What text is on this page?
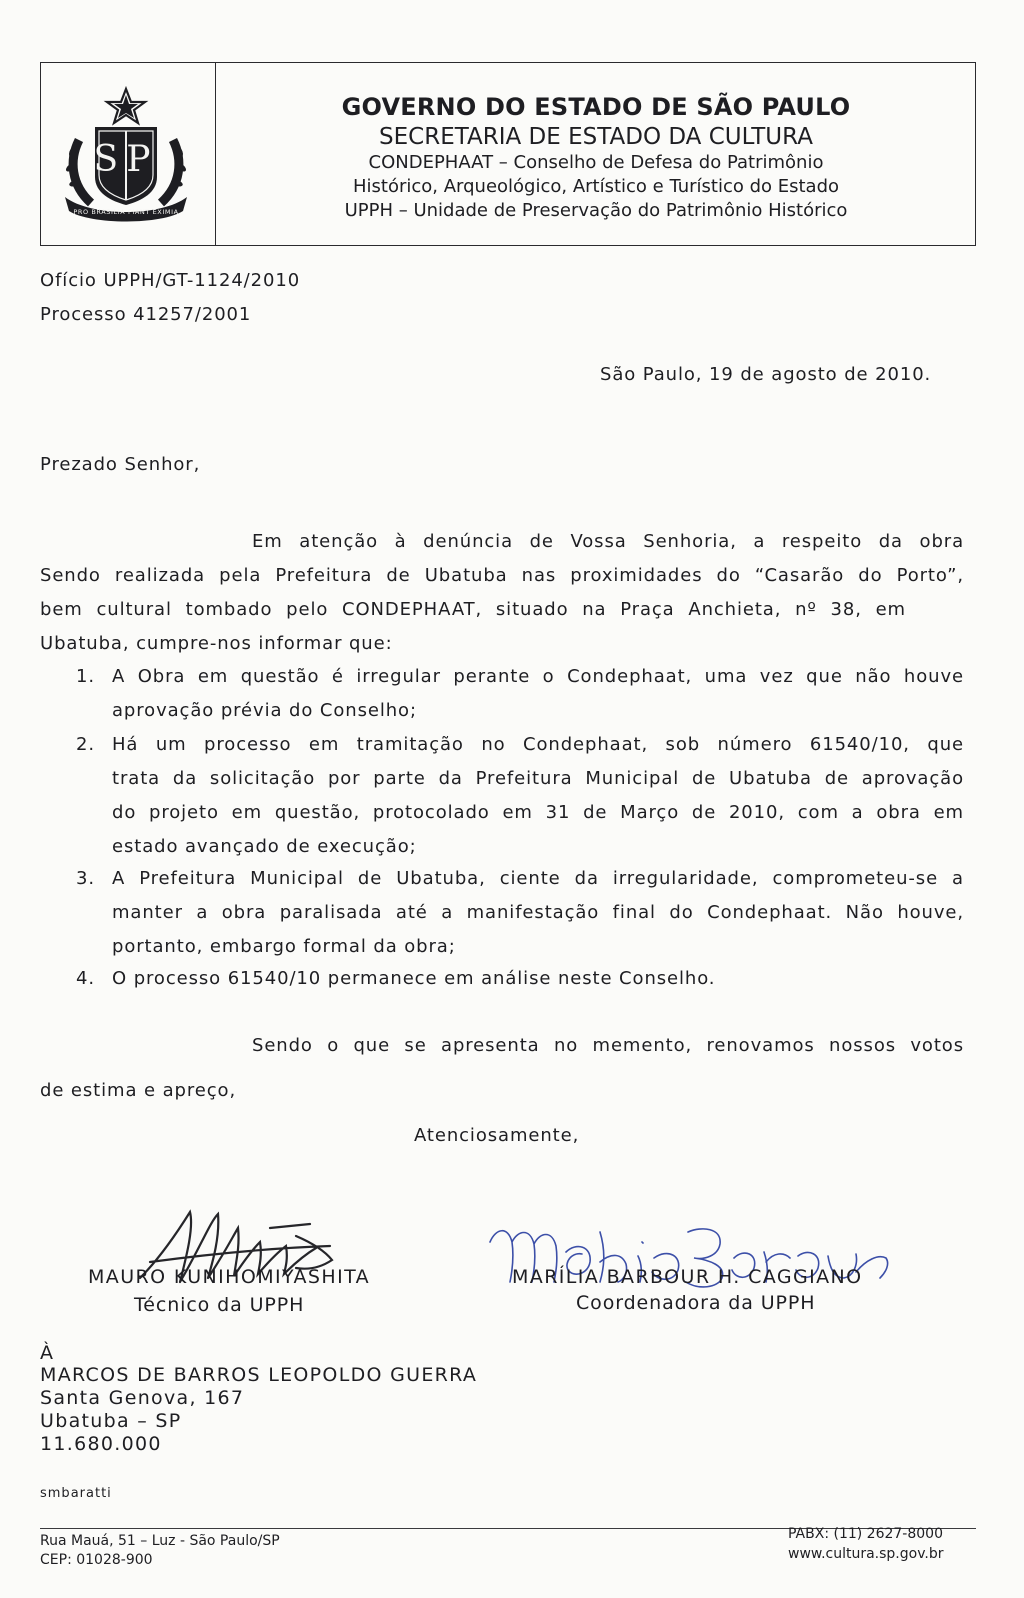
SP
PRO BRASILIA FIANT EXIMIA
GOVERNO DO ESTADO DE SÃO PAULO
SECRETARIA DE ESTADO DA CULTURA
CONDEPHAAT – Conselho de Defesa do Patrimônio
Histórico, Arqueológico, Artístico e Turístico do Estado
UPPH – Unidade de Preservação do Patrimônio Histórico
Ofício UPPH/GT-1124/2010
Processo 41257/2001
São Paulo, 19 de agosto de 2010.
Prezado Senhor,
Em atenção à denúncia de Vossa Senhoria, a respeito da obra
Sendo realizada pela Prefeitura de Ubatuba nas proximidades do “Casarão do Porto”,
bem cultural tombado pelo CONDEPHAAT, situado na Praça Anchieta, nº 38, em
Ubatuba, cumpre-nos informar que:
1. A Obra em questão é irregular perante o Condephaat, uma vez que não houve
aprovação prévia do Conselho;
2. Há um processo em tramitação no Condephaat, sob número 61540/10, que
trata da solicitação por parte da Prefeitura Municipal de Ubatuba de aprovação
do projeto em questão, protocolado em 31 de Março de 2010, com a obra em
estado avançado de execução;
3. A Prefeitura Municipal de Ubatuba, ciente da irregularidade, comprometeu-se a
manter a obra paralisada até a manifestação final do Condephaat. Não houve,
portanto, embargo formal da obra;
4. O processo 61540/10 permanece em análise neste Conselho.
Sendo o que se apresenta no memento, renovamos nossos votos
de estima e apreço,
Atenciosamente,
MAURO KUNIHOMIYASHITA
Técnico da UPPH
MARÍLIA BARBOUR H. CAGGIANO
Coordenadora da UPPH
À
MARCOS DE BARROS LEOPOLDO GUERRA
Santa Genova, 167
Ubatuba – SP
11.680.000
smbaratti
Rua Mauá, 51 – Luz - São Paulo/SP
CEP: 01028-900
PABX: (11) 2627-8000
www.cultura.sp.gov.br
